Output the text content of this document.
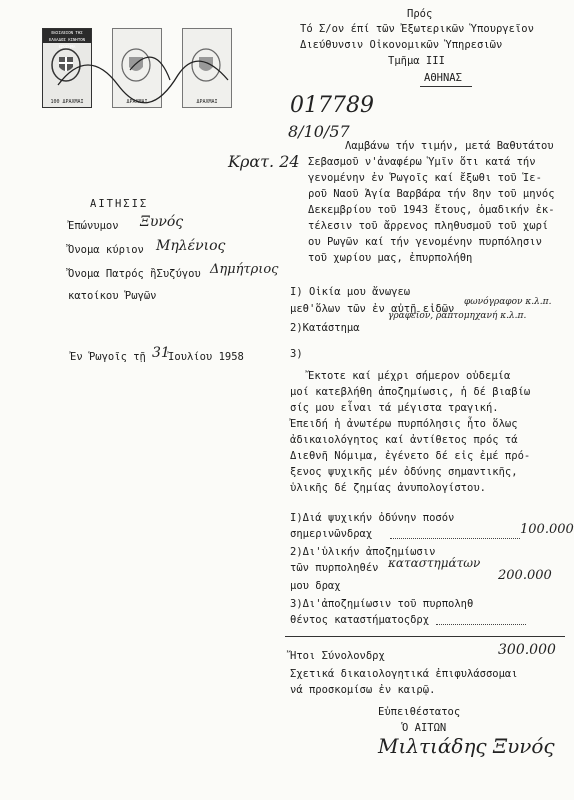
ΒΑΣΙΛΕΙΟΝ ΤΗΣ ΕΛΛΑΔΟΣ ΚΙΝΗΤΟΝ ΕΠΟΣΗΜΑ
100 ΔΡΑΧΜΑΙ	ΔΡΑΧΜΑΙ	ΔΡΑΧΜΑΙ
Πρός
Τό Σ/ον έπί τῶν Ἐξωτερικῶν Ὑπουργεῖον
Διεύθυνσιν Οἰκονομικῶν Ὑπηρεσιῶν
Τμῆμα III
ΑΘΗΝΑΣ
017789
8/10/57
Κρατ. 24
Λαμβάνω τήν τιμήν, μετά Βαθυτάτου
Σεβασμοῦ ν'ἀναφέρω Ὑμῖν ὅτι κατά τήν
γενομένην ἐν Ῥωγοῖς καί ἔξωθι τοῦ Ἱε-
ροῦ Ναοῦ Ἁγία Βαρβάρα τήν 8ην τοῦ μηνός
Δεκεμβρίου τοῦ 1943 ἔτους, ὁμαδικήν ἐκ-
τέλεσιν τοῦ ἄρρενος πληθυσμοῦ τοῦ χωρί
ου Ρωγῶν καί τήν γενομένην πυρπόλησιν
τοῦ χωρίου μας, ἐπυρπολήθη
ΑΙΤΗΣΙΣ
Ἐπώνυμον Ξυνός
Ὄνομα κύριον Μηλένιος
Ὄνομα Πατρός ἢΣυζύγου Δημήτριος
κατοίκου Ῥωγῶν
Ἐν Ῥωγοῖς τῇ 31
Ἰουλίου 1958
I) Οἰκία μου ἄνωγεω
μεθ'ὅλων τῶν ἐν αὐτῇ εἰδῶν
φωνόγραφον κ.λ.π.
γραφεῖον, ραπτομηχανή κ.λ.π.
2)Κατάστημα
3)
Ἔκτοτε καί μέχρι σήμερον οὐδεμία
μοί κατεβλήθη ἀποζημίωσις, ἡ δέ βιαβίω
σίς μου εἶναι τά μέγιστα τραγική.
Ἐπειδή ἡ ἀνωτέρω πυρπόλησις ἦτο ὅλως
ἀδικαιολόγητος καί ἀντίθετος πρός τά
Διεθνῆ Νόμιμα, ἐγένετο δέ εἰς ἐμέ πρό-
ξενος ψυχικῆς μέν ὀδύνης σημαντικῆς,
ὑλικῆς δέ ζημίας ἀνυπολογίστου.
I)Διά ψυχικήν ὀδύνην ποσόν
σημερινῶνδραχ	100.000
2)Δι'ὑλικήν ἀποζημίωσιν
τῶν πυρποληθέν καταστημάτων
μου δραχ
200.000
3)Δι'ἀποζημίωσιν τοῦ πυρποληθ
θέντος καταστήματοςδρχ
Ἤτοι Σύνολονδρχ	300.000
Σχετικά δικαιολογητικά ἐπιφυλάσσομαι
νά προσκομίσω ἐν καιρῷ.
Εὐπειθέστατος
Ὁ ΑΙΤΩΝ
Μιλτιάδης Ξυνός
